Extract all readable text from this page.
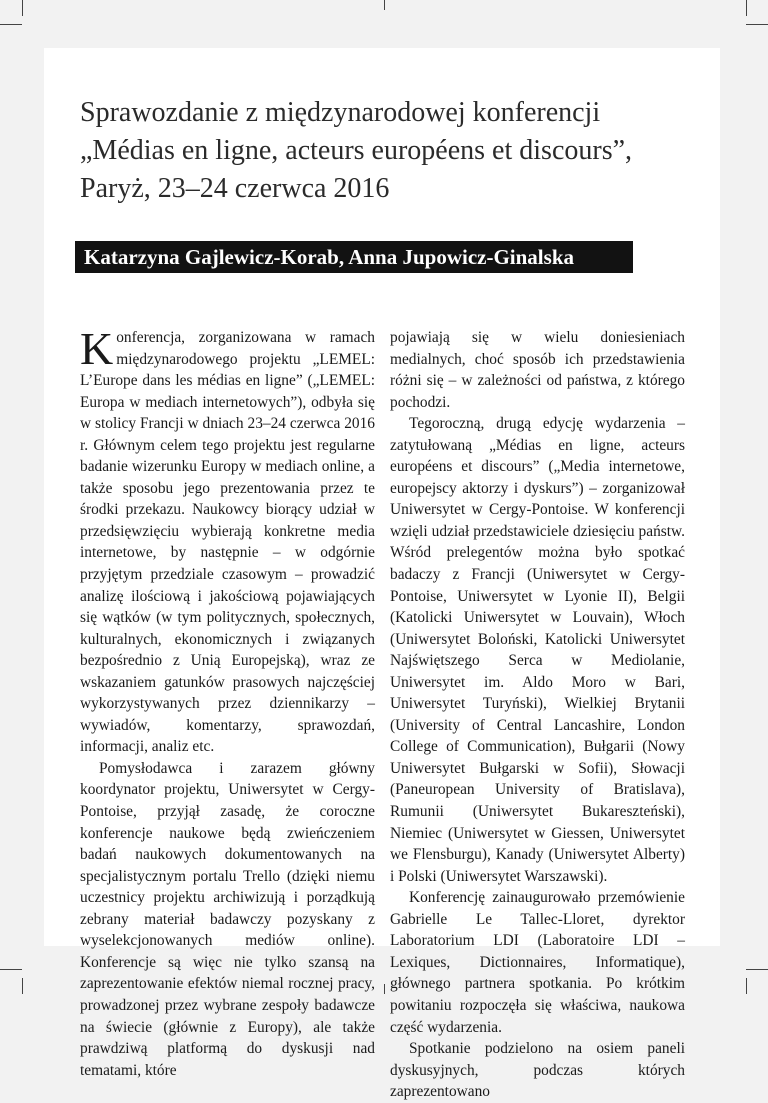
Sprawozdanie z międzynarodowej konferencji
„Médias en ligne, acteurs européens et discours”,
Paryż, 23–24 czerwca 2016
Katarzyna Gajlewicz-Korab, Anna Jupowicz-Ginalska

Konferencja, zorganizowana w ramach międzynarodowego projektu „LEMEL: L’Europe dans les médias en ligne” („LEMEL: Europa w mediach internetowych”), odbyła się w stolicy Francji w dniach 23–24 czerwca 2016 r. Głównym celem tego projektu jest regularne badanie wizerunku Europy w mediach online, a także sposobu jego prezentowania przez te środki przekazu. Naukowcy biorący udział w przedsięwzięciu wybierają konkretne media internetowe, by następnie – w odgórnie przyjętym przedziale czasowym – prowadzić analizę ilościową i jakościową pojawiających się wątków (w tym politycznych, społecznych, kulturalnych, ekonomicznych i związanych bezpośrednio z Unią Europejską), wraz ze wskazaniem gatunków prasowych najczęściej wykorzystywanych przez dziennikarzy – wywiadów, komentarzy, sprawozdań, informacji, analiz etc.

Pomysłodawca i zarazem główny koordynator projektu, Uniwersytet w Cergy-Pontoise, przyjął zasadę, że coroczne konferencje naukowe będą zwieńczeniem badań naukowych dokumentowanych na specjalistycznym portalu Trello (dzięki niemu uczestnicy projektu archiwizują i porządkują zebrany materiał badawczy pozyskany z wyselekcjonowanych mediów online). Konferencje są więc nie tylko szansą na zaprezentowanie efektów niemal rocznej pracy, prowadzonej przez wybrane zespoły badawcze na świecie (głównie z Europy), ale także prawdziwą platformą do dyskusji nad tematami, które

pojawiają się w wielu doniesieniach medialnych, choć sposób ich przedstawienia różni się – w zależności od państwa, z którego pochodzi.

Tegoroczną, drugą edycję wydarzenia – zatytułowaną „Médias en ligne, acteurs européens et discours” („Media internetowe, europejscy aktorzy i dyskurs”) – zorganizował Uniwersytet w Cergy-Pontoise. W konferencji wzięli udział przedstawiciele dziesięciu państw. Wśród prelegentów można było spotkać badaczy z Francji (Uniwersytet w Cergy-Pontoise, Uniwersytet w Lyonie II), Belgii (Katolicki Uniwersytet w Louvain), Włoch (Uniwersytet Boloński, Katolicki Uniwersytet Najświętszego Serca w Mediolanie, Uniwersytet im. Aldo Moro w Bari, Uniwersytet Turyński), Wielkiej Brytanii (University of Central Lancashire, London College of Communication), Bułgarii (Nowy Uniwersytet Bułgarski w Sofii), Słowacji (Paneuropean University of Bratislava), Rumunii (Uniwersytet Bukareszteński), Niemiec (Uniwersytet w Giessen, Uniwersytet we Flensburgu), Kanady (Uniwersytet Alberty) i Polski (Uniwersytet Warszawski).

Konferencję zainaugurowało przemówienie Gabrielle Le Tallec-Lloret, dyrektor Laboratorium LDI (Laboratoire LDI – Lexiques, Dictionnaires, Informatique), głównego partnera spotkania. Po krótkim powitaniu rozpoczęła się właściwa, naukowa część wydarzenia.

Spotkanie podzielono na osiem paneli dyskusyjnych, podczas których zaprezentowano
